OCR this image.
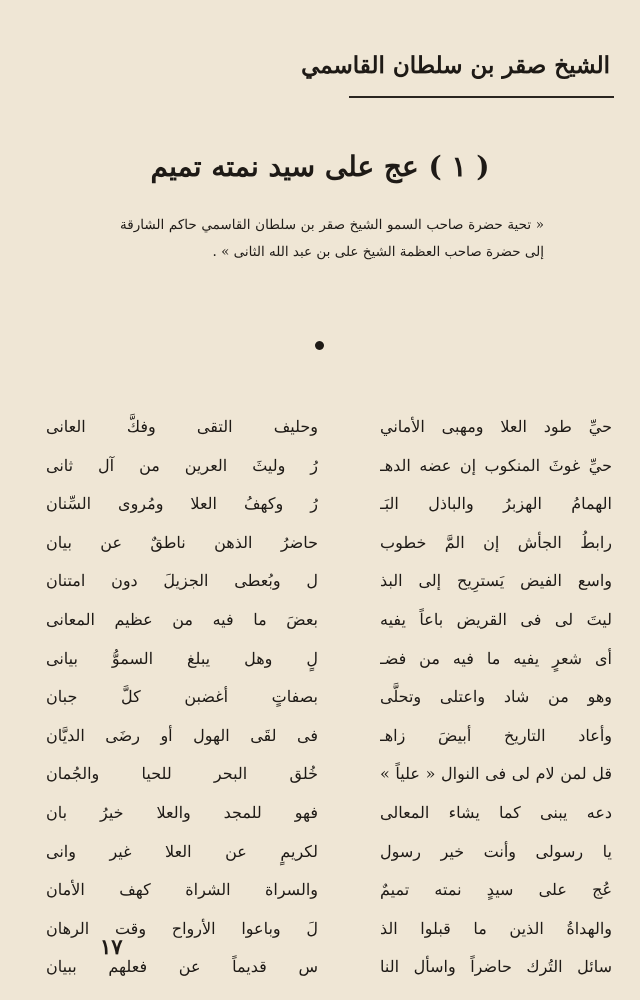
الشيخ صقر بن سلطان القاسمي
( ١ ) عج على سيد نمته تميم
« تحية حضرة صاحب السمو الشيخ صقر بن سلطان القاسمي حاكم الشارقة إلى حضرة صاحب العظمة الشيخ على بن عبد الله الثانى » .
حيِّ طود العلا ومهبى الأماني
حيِّ غوثَ المنكوب إن عضه الدهـ
الهمامُ الهزبرُ والباذل البَـ
رابطُ الجأش إن المَّ خطوب
واسع الفيض يَسترِيح إلى البذ
ليتَ لى فى القريض باعاً يفيه
أى شعرٍ يفيه ما فيه من فضـ
وهو من شاد واعتلى وتحلَّى
وأعاد التاريخ أبيضَ زاهـ
قل لمن لام لى فى النوال « علياً »
دعه يبنى كما يشاء المعالى
يا رسولى وأنت خير رسول
عُج على سيدٍ نمته تميمٌ
والهداةُ الذين ما قبلوا الذ
سائل التُرك حاضراً واسأل النا
وحليف التقى وفكَّ العانى
رُ وليثَ العرين من آل ثانى
رُ وكهفُ العلا ومُروى السِّنان
حاضرُ الذهن ناطقٌ عن بيان
ل وبُعطى الجزيلَ دون امتنان
بعضَ ما فيه من عظيم المعانى
لٍ وهل يبلغ السموُّ بيانى
بصفاتٍ أغضبن كلَّ جبان
فى لقَى الهول أو رضَى الديَّان
خُلق البحر للحيا والجُمان
فهو للمجد والعلا خيرُ بان
لكريمٍ عن العلا غير وانى
والسراة الشراة كهف الأمان
لَ وباعوا الأرواح وقت الرهان
س قديماً عن فعلهم ببيان
١٧
